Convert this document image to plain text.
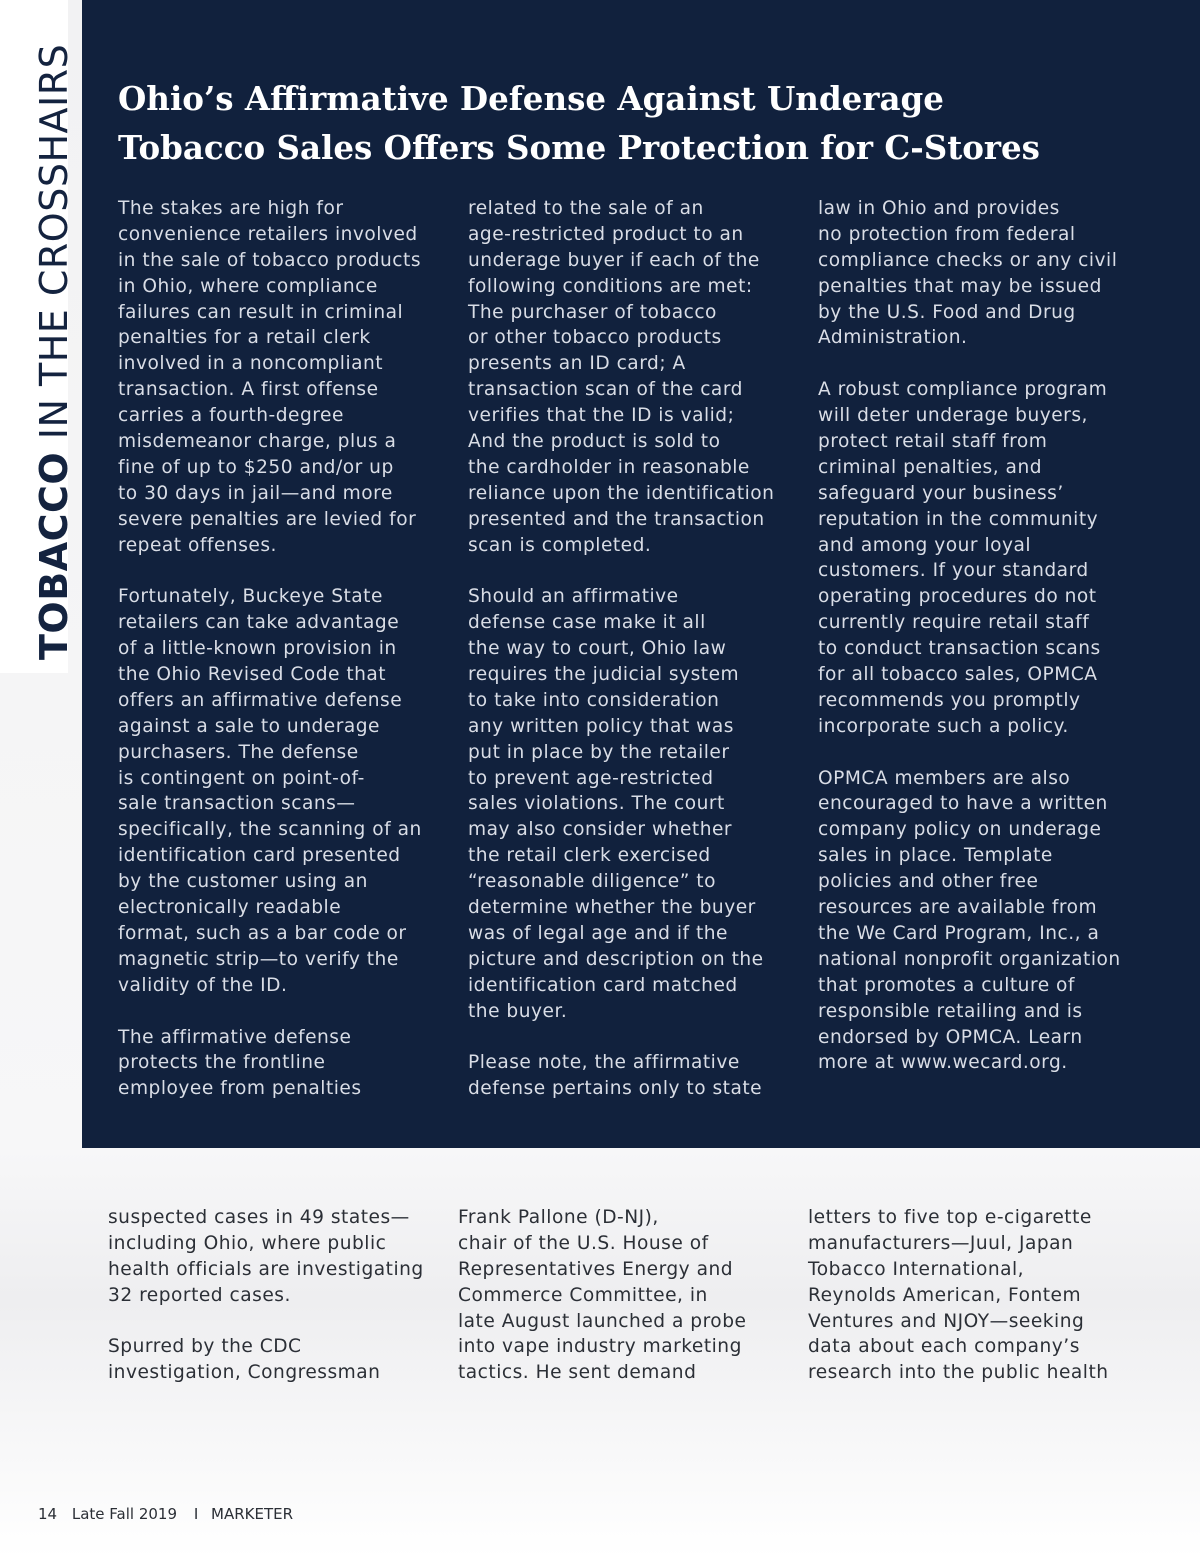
TOBACCO IN THE CROSSHAIRS Ohio’s Affirmative Defense Against Underage
Tobacco Sales Offers Some Protection for C-Stores
The stakes are high for
convenience retailers involved
in the sale of tobacco products
in Ohio, where compliance
failures can result in criminal
penalties for a retail clerk
involved in a noncompliant
transaction. A first offense
carries a fourth-degree
misdemeanor charge, plus a
fine of up to $250 and/or up
to 30 days in jail—and more
severe penalties are levied for
repeat offenses.
Fortunately, Buckeye State
retailers can take advantage
of a little-known provision in
the Ohio Revised Code that
offers an affirmative defense
against a sale to underage
purchasers. The defense
is contingent on point-of-
sale transaction scans—
specifically, the scanning of an
identification card presented
by the customer using an
electronically readable
format, such as a bar code or
magnetic strip—to verify the
validity of the ID.
The affirmative defense
protects the frontline
employee from penalties
related to the sale of an
age-restricted product to an
underage buyer if each of the
following conditions are met:
The purchaser of tobacco
or other tobacco products
presents an ID card; A
transaction scan of the card
verifies that the ID is valid;
And the product is sold to
the cardholder in reasonable
reliance upon the identification
presented and the transaction
scan is completed.
Should an affirmative
defense case make it all
the way to court, Ohio law
requires the judicial system
to take into consideration
any written policy that was
put in place by the retailer
to prevent age-restricted
sales violations. The court
may also consider whether
the retail clerk exercised
“reasonable diligence” to
determine whether the buyer
was of legal age and if the
picture and description on the
identification card matched
the buyer.
Please note, the affirmative
defense pertains only to state
law in Ohio and provides
no protection from federal
compliance checks or any civil
penalties that may be issued
by the U.S. Food and Drug
Administration.
A robust compliance program
will deter underage buyers,
protect retail staff from
criminal penalties, and
safeguard your business’
reputation in the community
and among your loyal
customers. If your standard
operating procedures do not
currently require retail staff
to conduct transaction scans
for all tobacco sales, OPMCA
recommends you promptly
incorporate such a policy.
OPMCA members are also
encouraged to have a written
company policy on underage
sales in place. Template
policies and other free
resources are available from
the We Card Program, Inc., a
national nonprofit organization
that promotes a culture of
responsible retailing and is
endorsed by OPMCA. Learn
more at www.wecard.org.
suspected cases in 49 states—
including Ohio, where public
health officials are investigating
32 reported cases.
Spurred by the CDC
investigation, Congressman
Frank Pallone (D-NJ),
chair of the U.S. House of
Representatives Energy and
Commerce Committee, in
late August launched a probe
into vape industry marketing
tactics. He sent demand
letters to five top e-cigarette
manufacturers—Juul, Japan
Tobacco International,
Reynolds American, Fontem
Ventures and NJOY—seeking
data about each company’s
research into the public health
14 Late Fall 2019 I MARKETER
